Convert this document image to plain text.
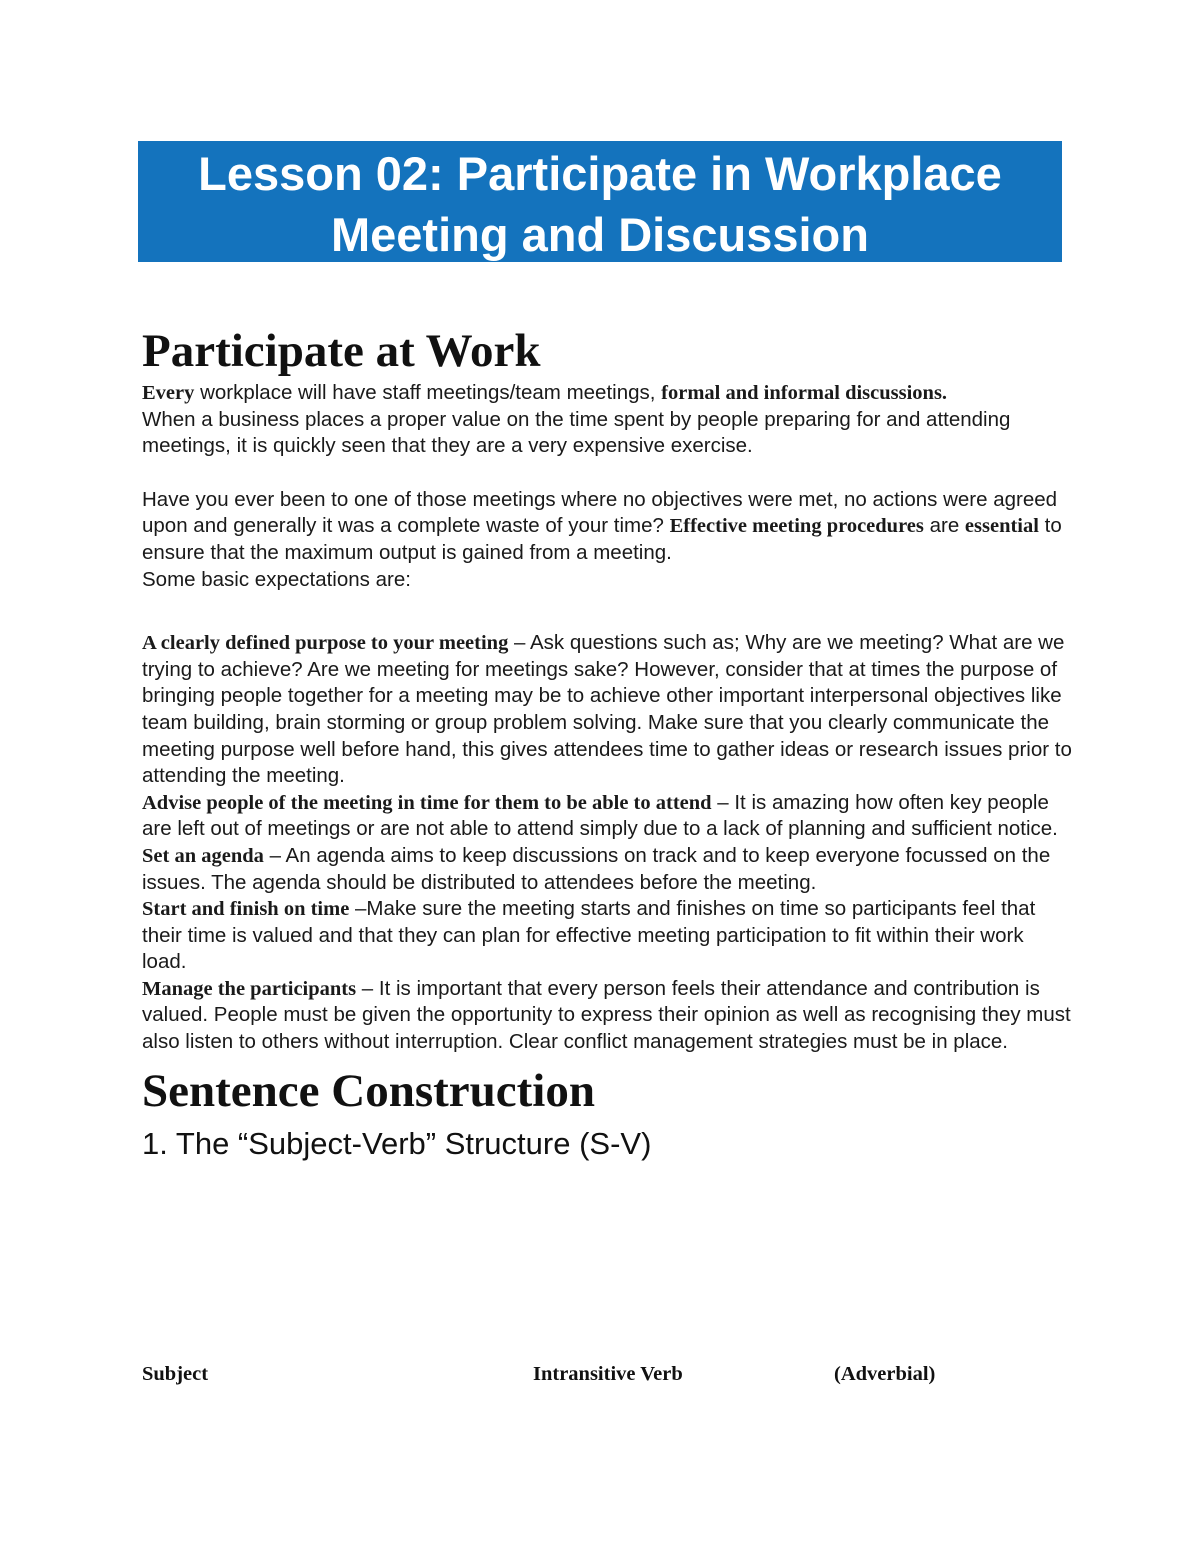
Lesson 02: Participate in Workplace
Meeting and Discussion
Participate at Work

Every workplace will have staff meetings/team meetings, formal and informal discussions.

When a business places a proper value on the time spent by people preparing for and attending meetings, it is quickly seen that they are a very expensive exercise.

Have you ever been to one of those meetings where no objectives were met, no actions were agreed upon and generally it was a complete waste of your time? Effective meeting procedures are essential to ensure that the maximum output is gained from a meeting.
Some basic expectations are:

A clearly defined purpose to your meeting – Ask questions such as; Why are we meeting? What are we trying to achieve? Are we meeting for meetings sake? However, consider that at times the purpose of bringing people together for a meeting may be to achieve other important interpersonal objectives like team building, brain storming or group problem solving. Make sure that you clearly communicate the meeting purpose well before hand, this gives attendees time to gather ideas or research issues prior to attending the meeting.

Advise people of the meeting in time for them to be able to attend – It is amazing how often key people are left out of meetings or are not able to attend simply due to a lack of planning and sufficient notice.

Set an agenda – An agenda aims to keep discussions on track and to keep everyone focussed on the issues. The agenda should be distributed to attendees before the meeting.

Start and finish on time –Make sure the meeting starts and finishes on time so participants feel that their time is valued and that they can plan for effective meeting participation to fit within their work load.

Manage the participants – It is important that every person feels their attendance and contribution is valued. People must be given the opportunity to express their opinion as well as recognising they must also listen to others without interruption. Clear conflict management strategies must be in place.

Sentence Construction
1. The “Subject-Verb” Structure (S-V)
Subject	Intransitive Verb	(Adverbial)
